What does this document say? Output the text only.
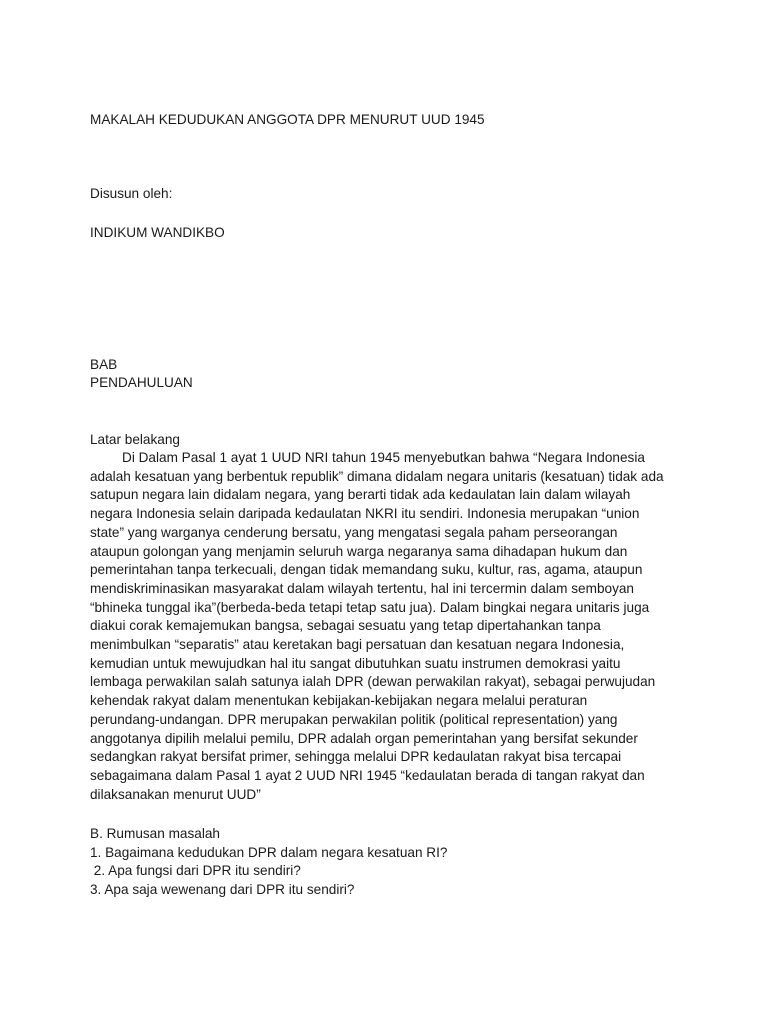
MAKALAH KEDUDUKAN ANGGOTA DPR MENURUT UUD 1945
Disusun oleh:
INDIKUM WANDIKBO
BAB
PENDAHULUAN
Latar belakang

Di Dalam Pasal 1 ayat 1 UUD NRI tahun 1945 menyebutkan bahwa “Negara Indonesia

adalah kesatuan yang berbentuk republik” dimana didalam negara unitaris (kesatuan) tidak ada

satupun negara lain didalam negara, yang berarti tidak ada kedaulatan lain dalam wilayah

negara Indonesia selain daripada kedaulatan NKRI itu sendiri. Indonesia merupakan “union

state” yang warganya cenderung bersatu, yang mengatasi segala paham perseorangan

ataupun golongan yang menjamin seluruh warga negaranya sama dihadapan hukum dan

pemerintahan tanpa terkecuali, dengan tidak memandang suku, kultur, ras, agama, ataupun

mendiskriminasikan masyarakat dalam wilayah tertentu, hal ini tercermin dalam semboyan

“bhineka tunggal ika”(berbeda-beda tetapi tetap satu jua). Dalam bingkai negara unitaris juga

diakui corak kemajemukan bangsa, sebagai sesuatu yang tetap dipertahankan tanpa

menimbulkan “separatis” atau keretakan bagi persatuan dan kesatuan negara Indonesia,

kemudian untuk mewujudkan hal itu sangat dibutuhkan suatu instrumen demokrasi yaitu

lembaga perwakilan salah satunya ialah DPR (dewan perwakilan rakyat), sebagai perwujudan

kehendak rakyat dalam menentukan kebijakan-kebijakan negara melalui peraturan

perundang-undangan. DPR merupakan perwakilan politik (political representation) yang

anggotanya dipilih melalui pemilu, DPR adalah organ pemerintahan yang bersifat sekunder

sedangkan rakyat bersifat primer, sehingga melalui DPR kedaulatan rakyat bisa tercapai

sebagaimana dalam Pasal 1 ayat 2 UUD NRI 1945 “kedaulatan berada di tangan rakyat dan

dilaksanakan menurut UUD”

B. Rumusan masalah
1. Bagaimana kedudukan DPR dalam negara kesatuan RI?
2. Apa fungsi dari DPR itu sendiri?
3. Apa saja wewenang dari DPR itu sendiri?
